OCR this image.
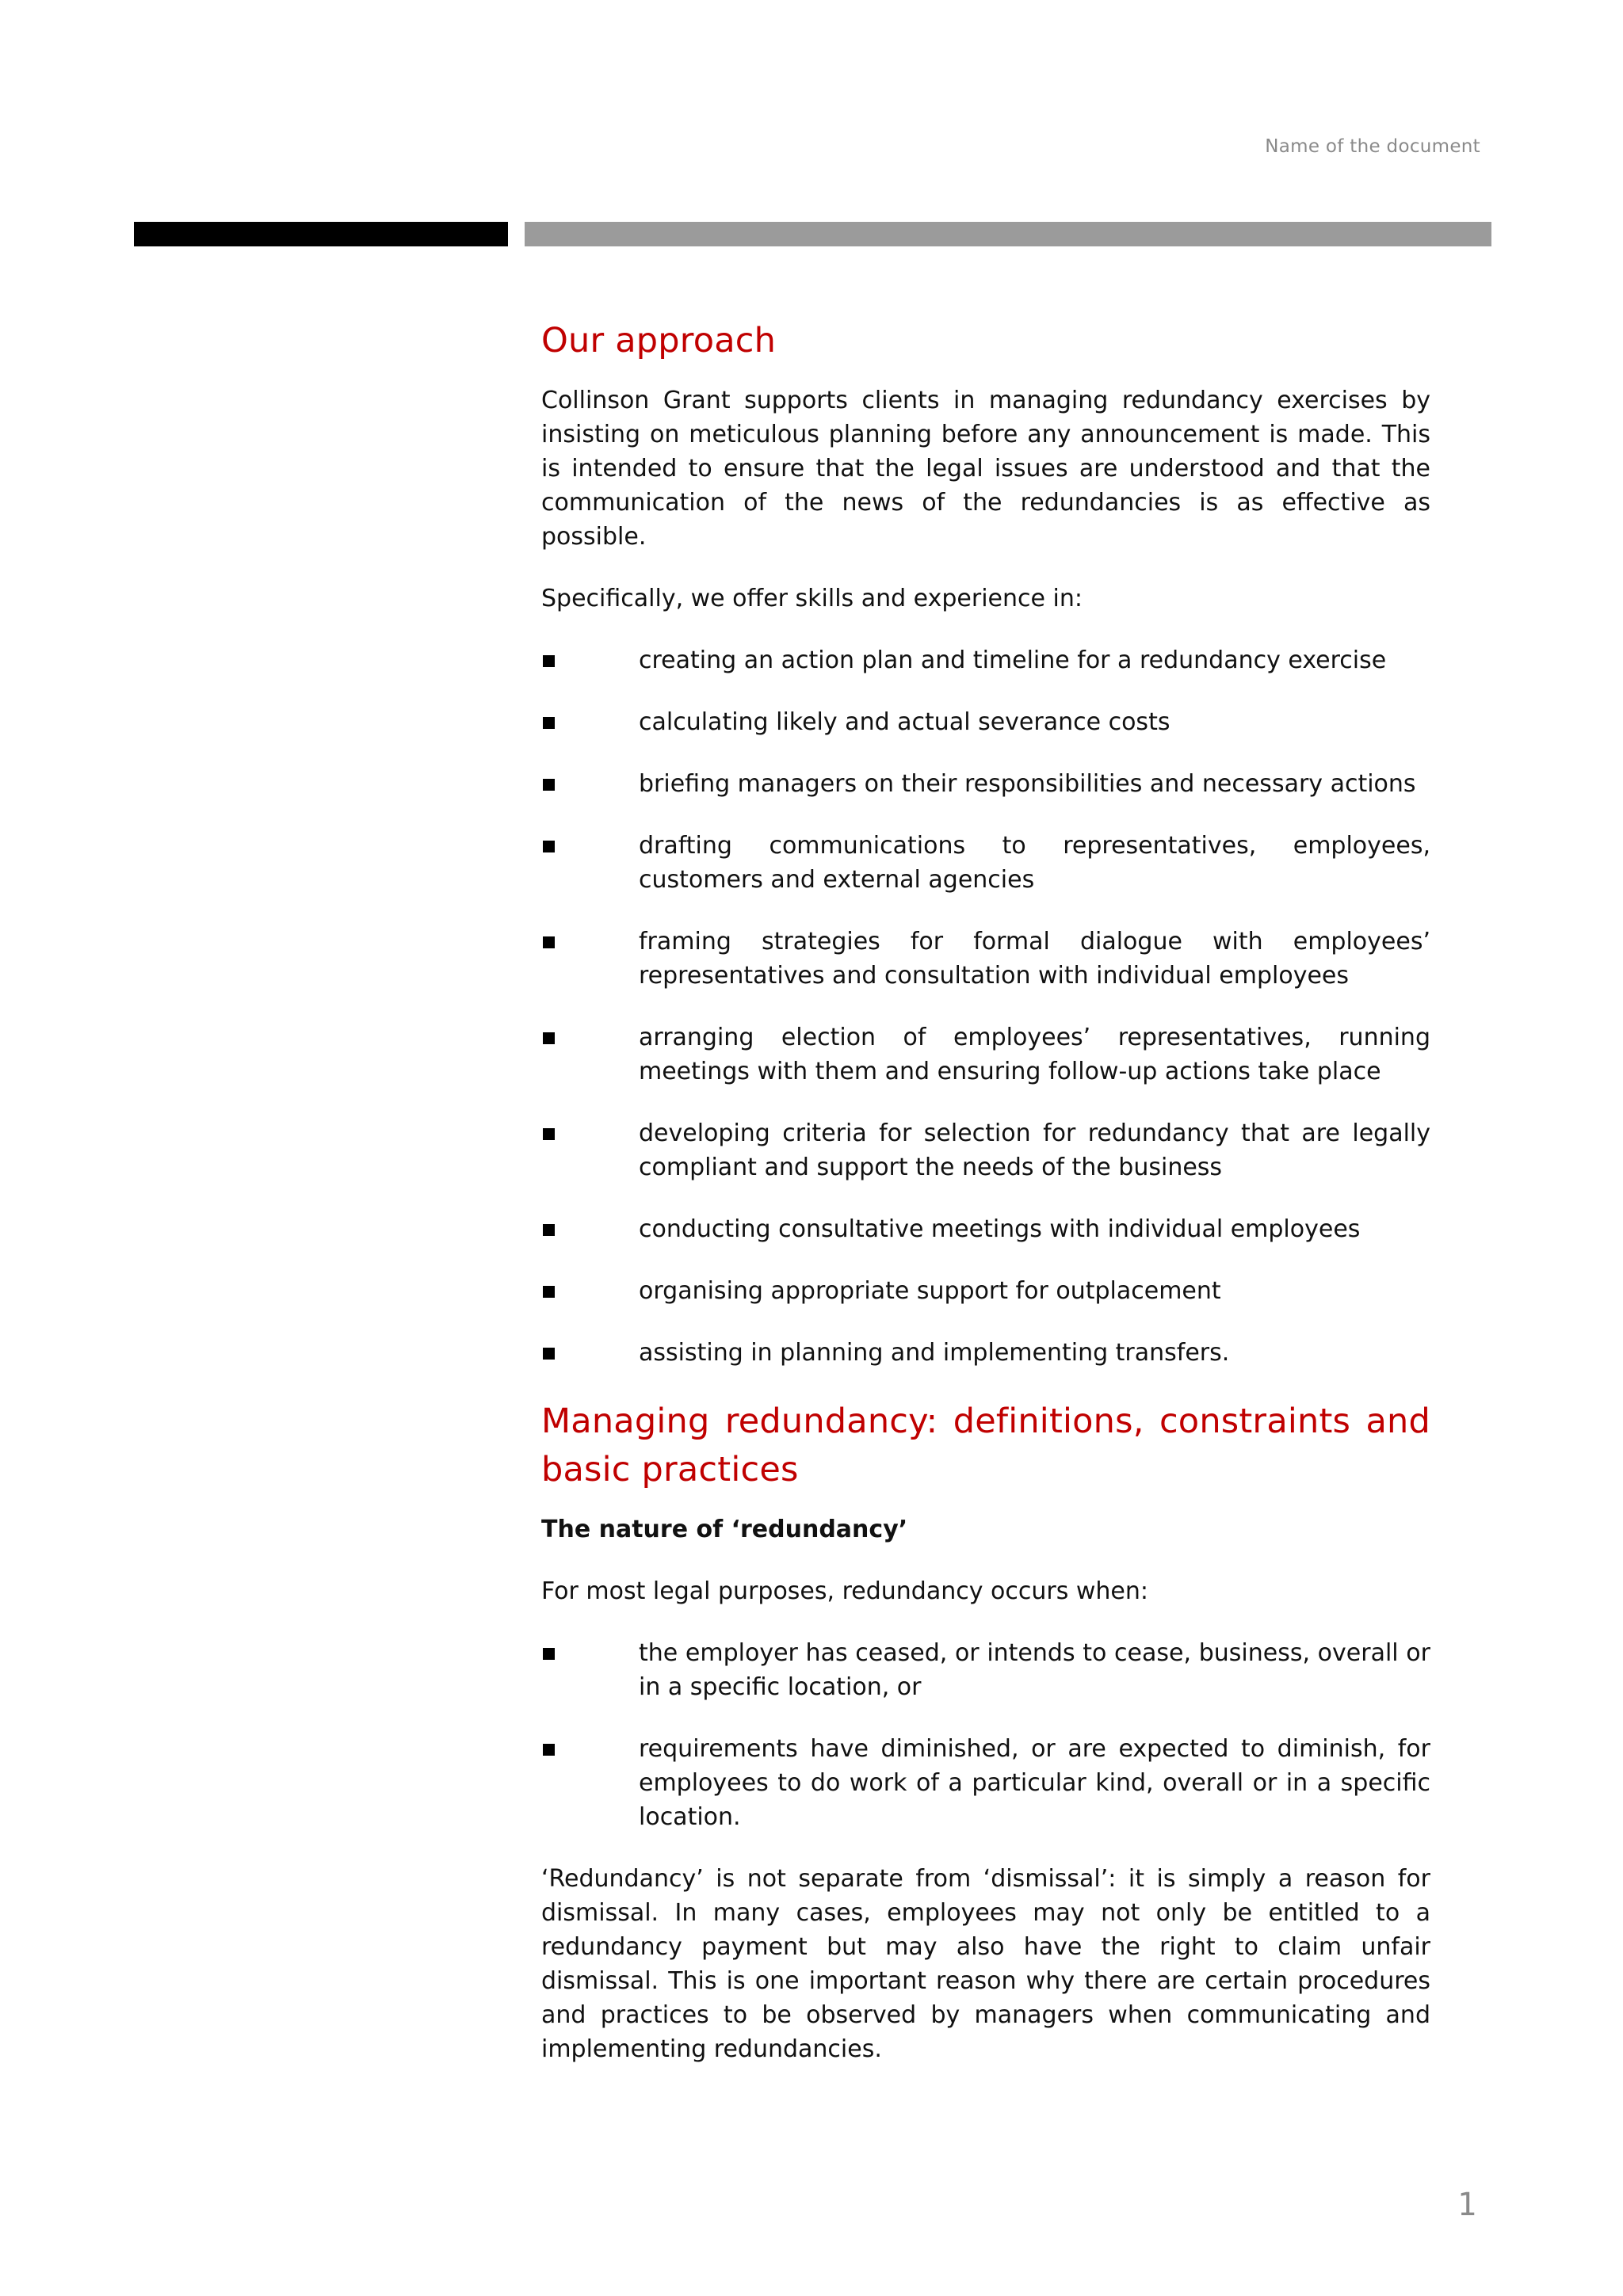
Name of the document
Our approach

Collinson Grant supports clients in managing redundancy exercises by insisting on meticulous planning before any announcement is made. This is intended to ensure that the legal issues are understood and that the communication of the news of the redundancies is as effective as possible.

Specifically, we offer skills and experience in:

creating an action plan and timeline for a redundancy exercise
calculating likely and actual severance costs
briefing managers on their responsibilities and necessary actions
drafting communications to representatives, employees, customers and external agencies
framing strategies for formal dialogue with employees’ representatives and consultation with individual employees
arranging election of employees’ representatives, running meetings with them and ensuring follow-up actions take place
developing criteria for selection for redundancy that are legally compliant and support the needs of the business
conducting consultative meetings with individual employees
organising appropriate support for outplacement
assisting in planning and implementing transfers.
Managing redundancy: definitions, constraints and basic practices
The nature of ‘redundancy’

For most legal purposes, redundancy occurs when:

the employer has ceased, or intends to cease, business, overall or in a specific location, or
requirements have diminished, or are expected to diminish, for employees to do work of a particular kind, overall or in a specific location.

‘Redundancy’ is not separate from ‘dismissal’: it is simply a reason for dismissal. In many cases, employees may not only be entitled to a redundancy payment but may also have the right to claim unfair dismissal. This is one important reason why there are certain procedures and practices to be observed by managers when communicating and implementing redundancies.

1
